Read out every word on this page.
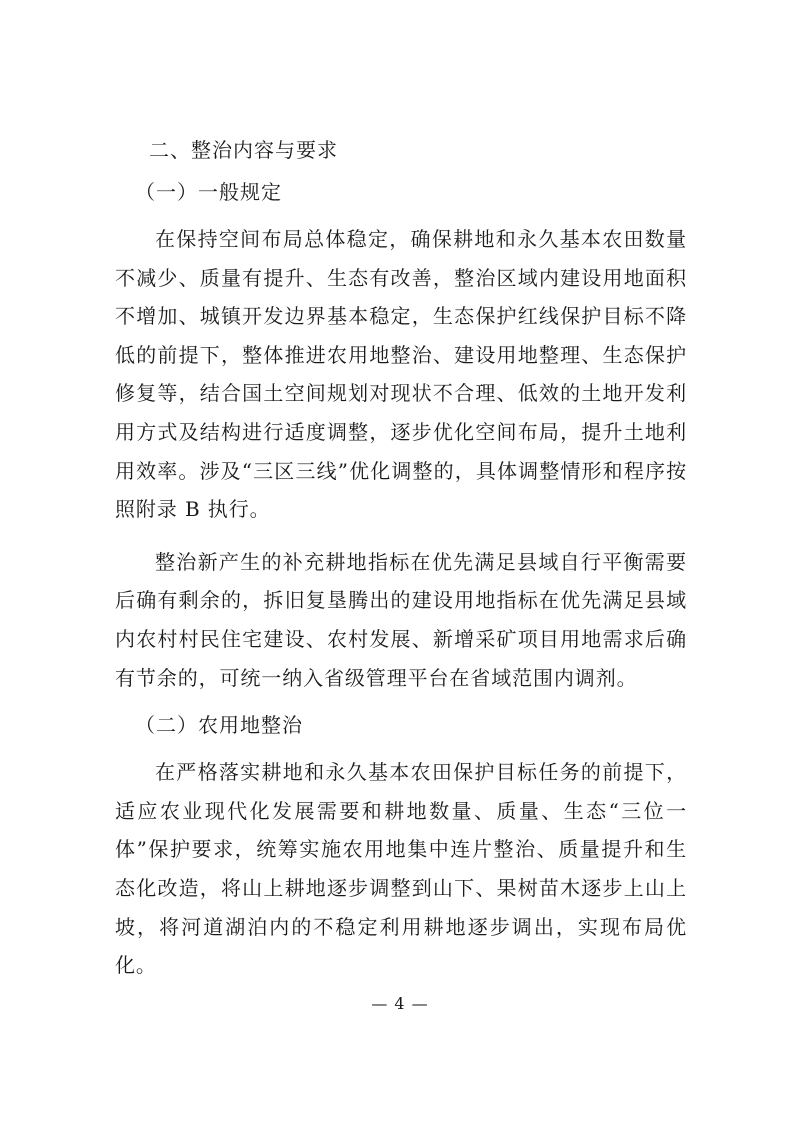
二、整治内容与要求
（一）一般规定

在保持空间布局总体稳定，确保耕地和永久基本农田数量不减少、质量有提升、生态有改善，整治区域内建设用地面积不增加、城镇开发边界基本稳定，生态保护红线保护目标不降低的前提下，整体推进农用地整治、建设用地整理、生态保护修复等，结合国土空间规划对现状不合理、低效的土地开发利用方式及结构进行适度调整，逐步优化空间布局，提升土地利用效率。涉及“三区三线”优化调整的，具体调整情形和程序按照附录 B 执行。

整治新产生的补充耕地指标在优先满足县域自行平衡需要后确有剩余的，拆旧复垦腾出的建设用地指标在优先满足县域内农村村民住宅建设、农村发展、新增采矿项目用地需求后确有节余的，可统一纳入省级管理平台在省域范围内调剂。

（二）农用地整治

在严格落实耕地和永久基本农田保护目标任务的前提下，适应农业现代化发展需要和耕地数量、质量、生态“三位一体”保护要求，统筹实施农用地集中连片整治、质量提升和生态化改造，将山上耕地逐步调整到山下、果树苗木逐步上山上坡，将河道湖泊内的不稳定利用耕地逐步调出，实现布局优化。

— 4 —
